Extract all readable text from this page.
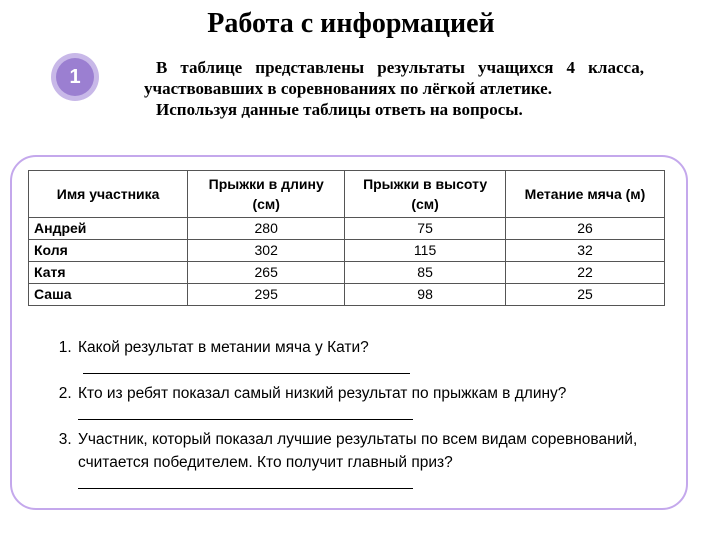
Работа с информацией
1	В таблице представлены результаты учащихся 4 класса, участвовавших в соревнованиях по лёгкой атлетике.

Используя данные таблицы ответь на вопросы.

Имя участника	Прыжки в длину (см)	Прыжки в высоту (см)	Метание мяча (м)
Андрей	280	75	26
Коля	302	115	32
Катя	265	85	22
Саша	295	98	25
1. Какой результат в метании мяча у Кати?
2. Кто из ребят показал самый низкий результат по прыжкам в длину?
3. Участник, который показал лучшие результаты по всем видам соревнований, считается победителем. Кто получит главный приз?
